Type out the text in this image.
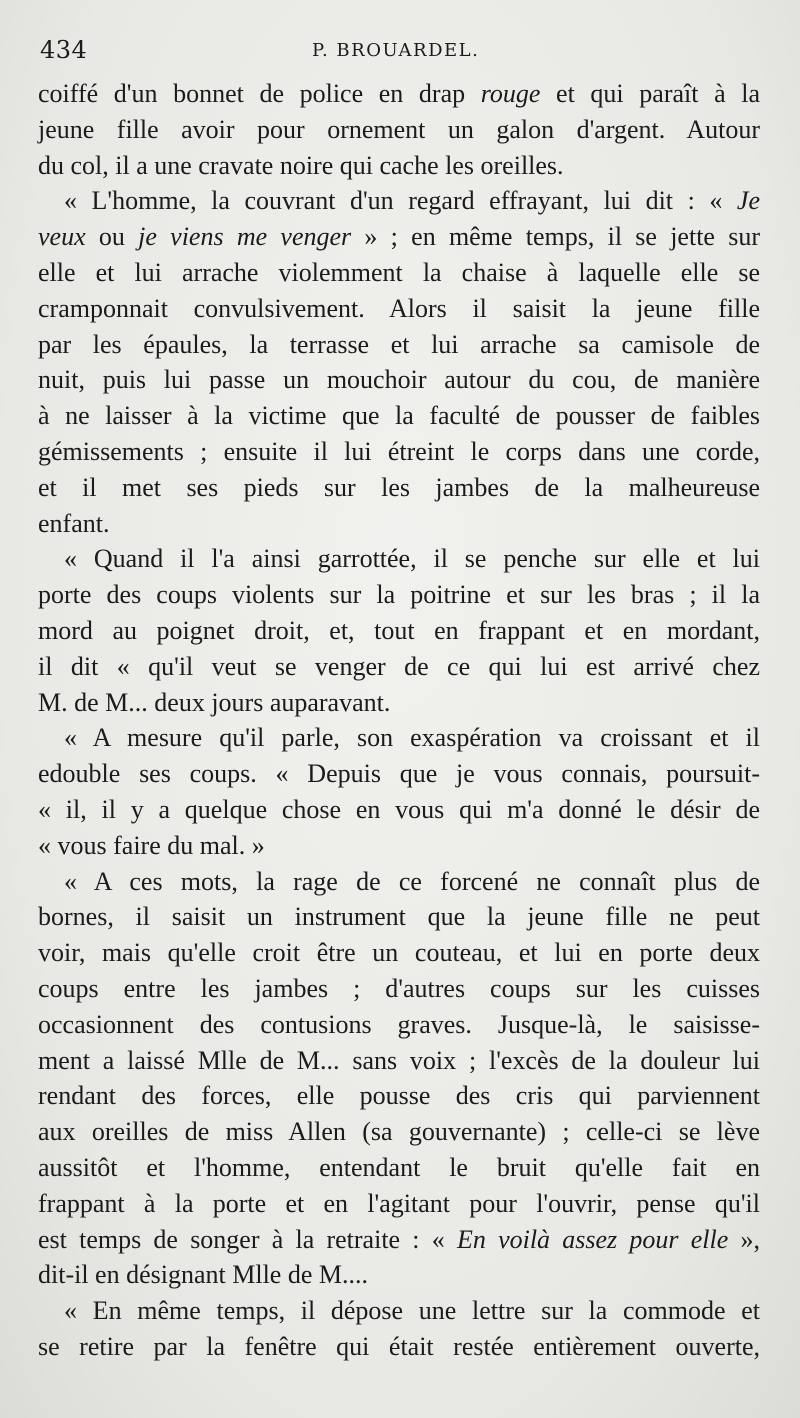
434	P. BROUARDEL.
coiffé d'un bonnet de police en drap rouge et qui paraît à la
jeune fille avoir pour ornement un galon d'argent. Autour
du col, il a une cravate noire qui cache les oreilles.
« L'homme, la couvrant d'un regard effrayant, lui dit : « Je
veux ou je viens me venger » ; en même temps, il se jette sur
elle et lui arrache violemment la chaise à laquelle elle se
cramponnait convulsivement. Alors il saisit la jeune fille
par les épaules, la terrasse et lui arrache sa camisole de
nuit, puis lui passe un mouchoir autour du cou, de manière
à ne laisser à la victime que la faculté de pousser de faibles
gémissements ; ensuite il lui étreint le corps dans une corde,
et il met ses pieds sur les jambes de la malheureuse
enfant.
« Quand il l'a ainsi garrottée, il se penche sur elle et lui
porte des coups violents sur la poitrine et sur les bras ; il la
mord au poignet droit, et, tout en frappant et en mordant,
il dit « qu'il veut se venger de ce qui lui est arrivé chez
M. de M... deux jours auparavant.
« A mesure qu'il parle, son exaspération va croissant et il
edouble ses coups. « Depuis que je vous connais, poursuit-
« il, il y a quelque chose en vous qui m'a donné le désir de
« vous faire du mal. »
« A ces mots, la rage de ce forcené ne connaît plus de
bornes, il saisit un instrument que la jeune fille ne peut
voir, mais qu'elle croit être un couteau, et lui en porte deux
coups entre les jambes ; d'autres coups sur les cuisses
occasionnent des contusions graves. Jusque-là, le saisisse-
ment a laissé Mlle de M... sans voix ; l'excès de la douleur lui
rendant des forces, elle pousse des cris qui parviennent
aux oreilles de miss Allen (sa gouvernante) ; celle-ci se lève
aussitôt et l'homme, entendant le bruit qu'elle fait en
frappant à la porte et en l'agitant pour l'ouvrir, pense qu'il
est temps de songer à la retraite : « En voilà assez pour elle »,
dit-il en désignant Mlle de M....
« En même temps, il dépose une lettre sur la commode et
se retire par la fenêtre qui était restée entièrement ouverte,
